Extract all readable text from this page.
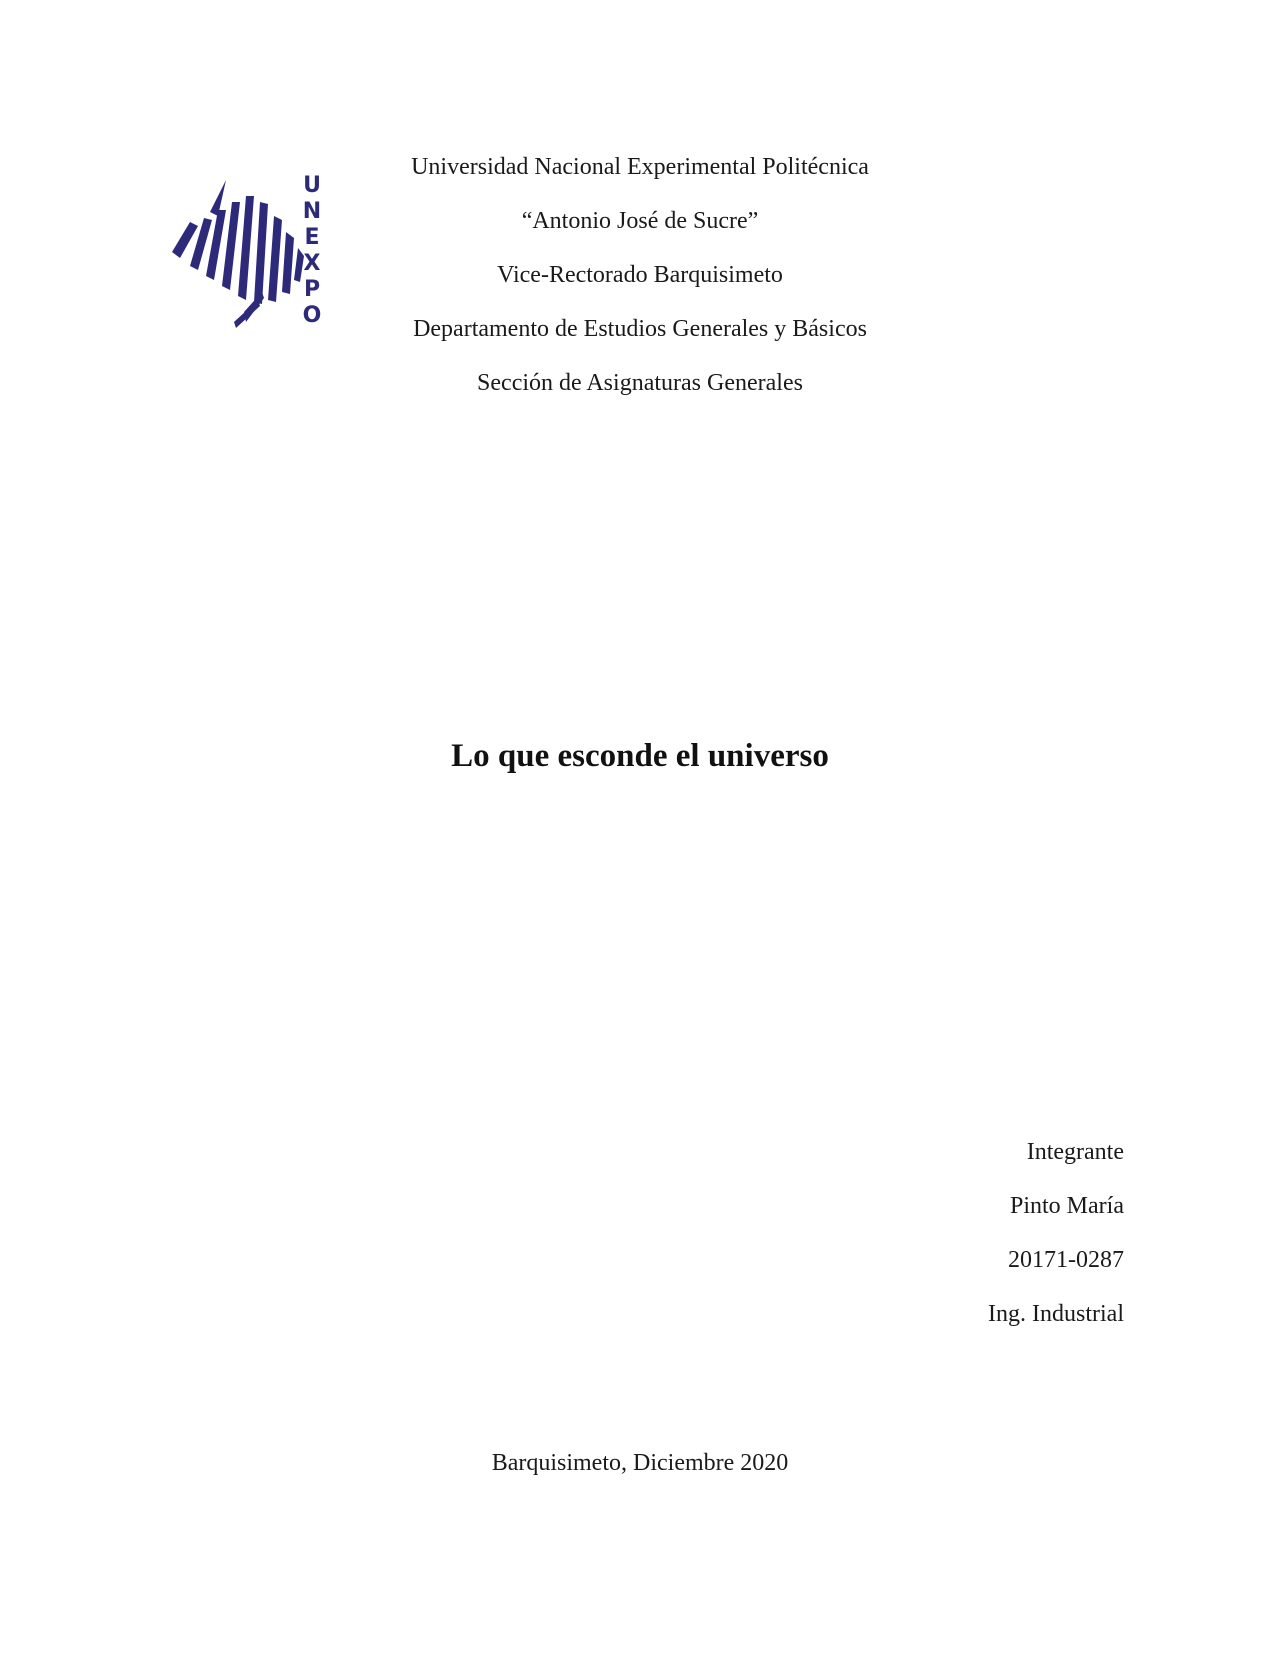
U
N
E
X
P
O
Universidad Nacional Experimental Politécnica
“Antonio José de Sucre”
Vice-Rectorado Barquisimeto
Departamento de Estudios Generales y Básicos
Sección de Asignaturas Generales
Lo que esconde el universo
Integrante
Pinto María
20171-0287
Ing. Industrial
Barquisimeto, Diciembre 2020
